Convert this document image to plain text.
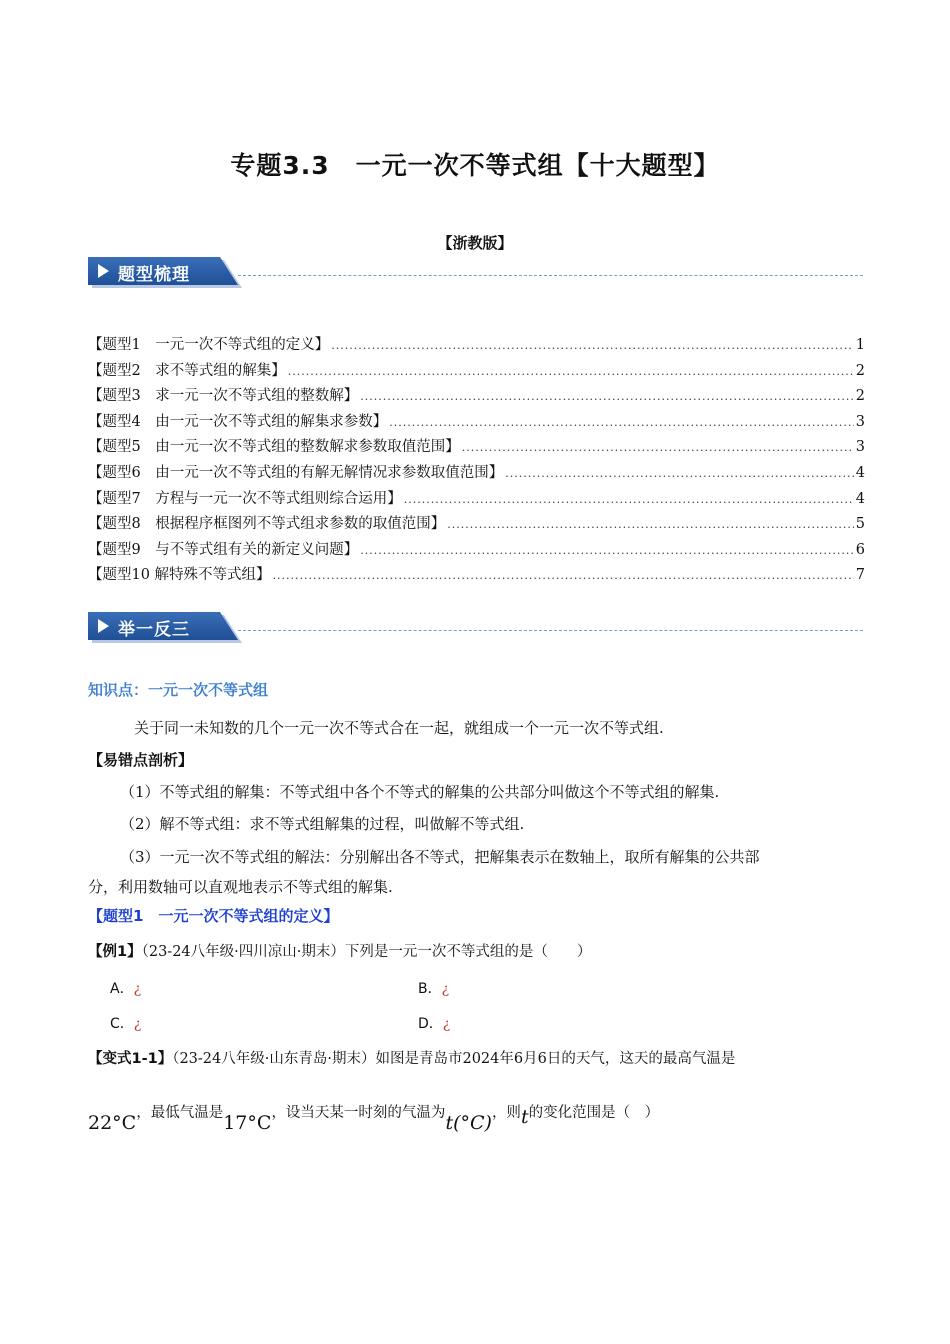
专题3.3　一元一次不等式组【十大题型】
【浙教版】
题型梳理
【题型1　一元一次不等式组的定义】 .....	1
【题型2　求不等式组的解集】 .....	2
【题型3　求一元一次不等式组的整数解】 .....	2
【题型4　由一元一次不等式组的解集求参数】 .....	3
【题型5　由一元一次不等式组的整数解求参数取值范围】 .....	3
【题型6　由一元一次不等式组的有解无解情况求参数取值范围】 .....	4
【题型7　方程与一元一次不等式组则综合运用】 .....	4
【题型8　根据程序框图列不等式组求参数的取值范围】 .....	5
【题型9　与不等式组有关的新定义问题】 .....	6
【题型10 解特殊不等式组】 .....	7
举一反三
知识点：一元一次不等式组
关于同一未知数的几个一元一次不等式合在一起，就组成一个一元一次不等式组.
【易错点剖析】
（1）不等式组的解集：不等式组中各个不等式的解集的公共部分叫做这个不等式组的解集.
（2）解不等式组：求不等式组解集的过程，叫做解不等式组.
（3）一元一次不等式组的解法：分别解出各不等式，把解集表示在数轴上，取所有解集的公共部
分，利用数轴可以直观地表示不等式组的解集.
【题型1　一元一次不等式组的定义】
【例1】（23-24八年级·四川凉山·期末）下列是一元一次不等式组的是（　　）
A．¿	B．¿
C．¿	D．¿
【变式1-1】（23-24八年级·山东青岛·期末）如图是青岛市2024年6月6日的天气，这天的最高气温是
22°C，最低气温是17°C，设当天某一时刻的气温为t(°C)，则t的变化范围是（　）
